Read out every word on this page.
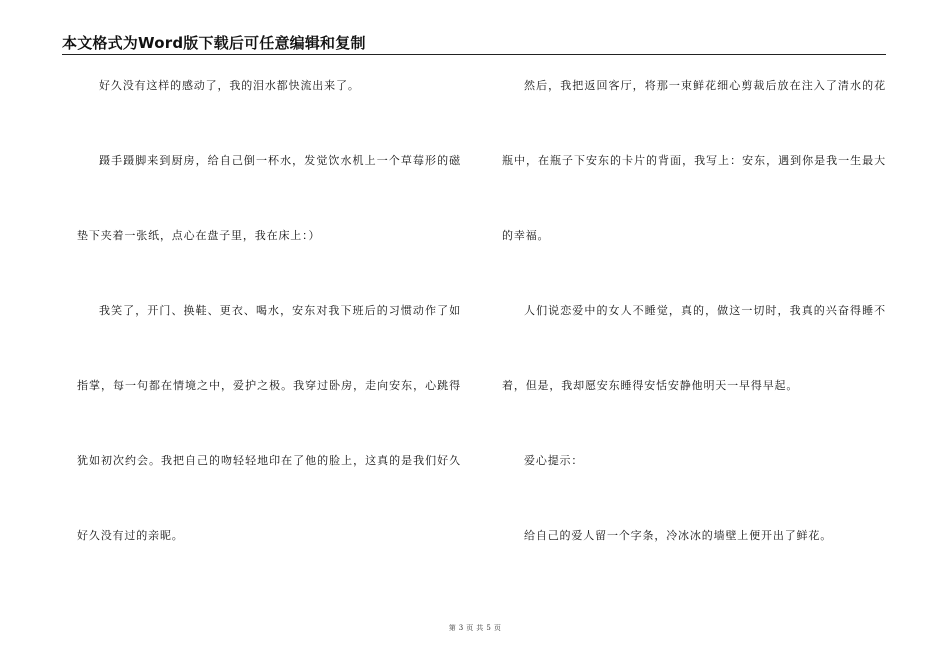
本文格式为Word版下载后可任意编辑和复制
好久没有这样的感动了，我的泪水都快流出来了。
蹑手蹑脚来到厨房，给自己倒一杯水，发觉饮水机上一个草莓形的磁
垫下夹着一张纸，点心在盘子里，我在床上：）
我笑了，开门、换鞋、更衣、喝水，安东对我下班后的习惯动作了如
指掌，每一句都在情境之中，爱护之极。我穿过卧房，走向安东，心跳得
犹如初次约会。我把自己的吻轻轻地印在了他的脸上，这真的是我们好久
好久没有过的亲昵。
然后，我把返回客厅，将那一束鲜花细心剪裁后放在注入了清水的花
瓶中，在瓶子下安东的卡片的背面，我写上：安东，遇到你是我一生最大
的幸福。
人们说恋爱中的女人不睡觉，真的，做这一切时，我真的兴奋得睡不
着，但是，我却愿安东睡得安恬安静他明天一早得早起。
爱心提示：
给自己的爱人留一个字条，冷冰冰的墙壁上便开出了鲜花。
第 3 页 共 5 页
